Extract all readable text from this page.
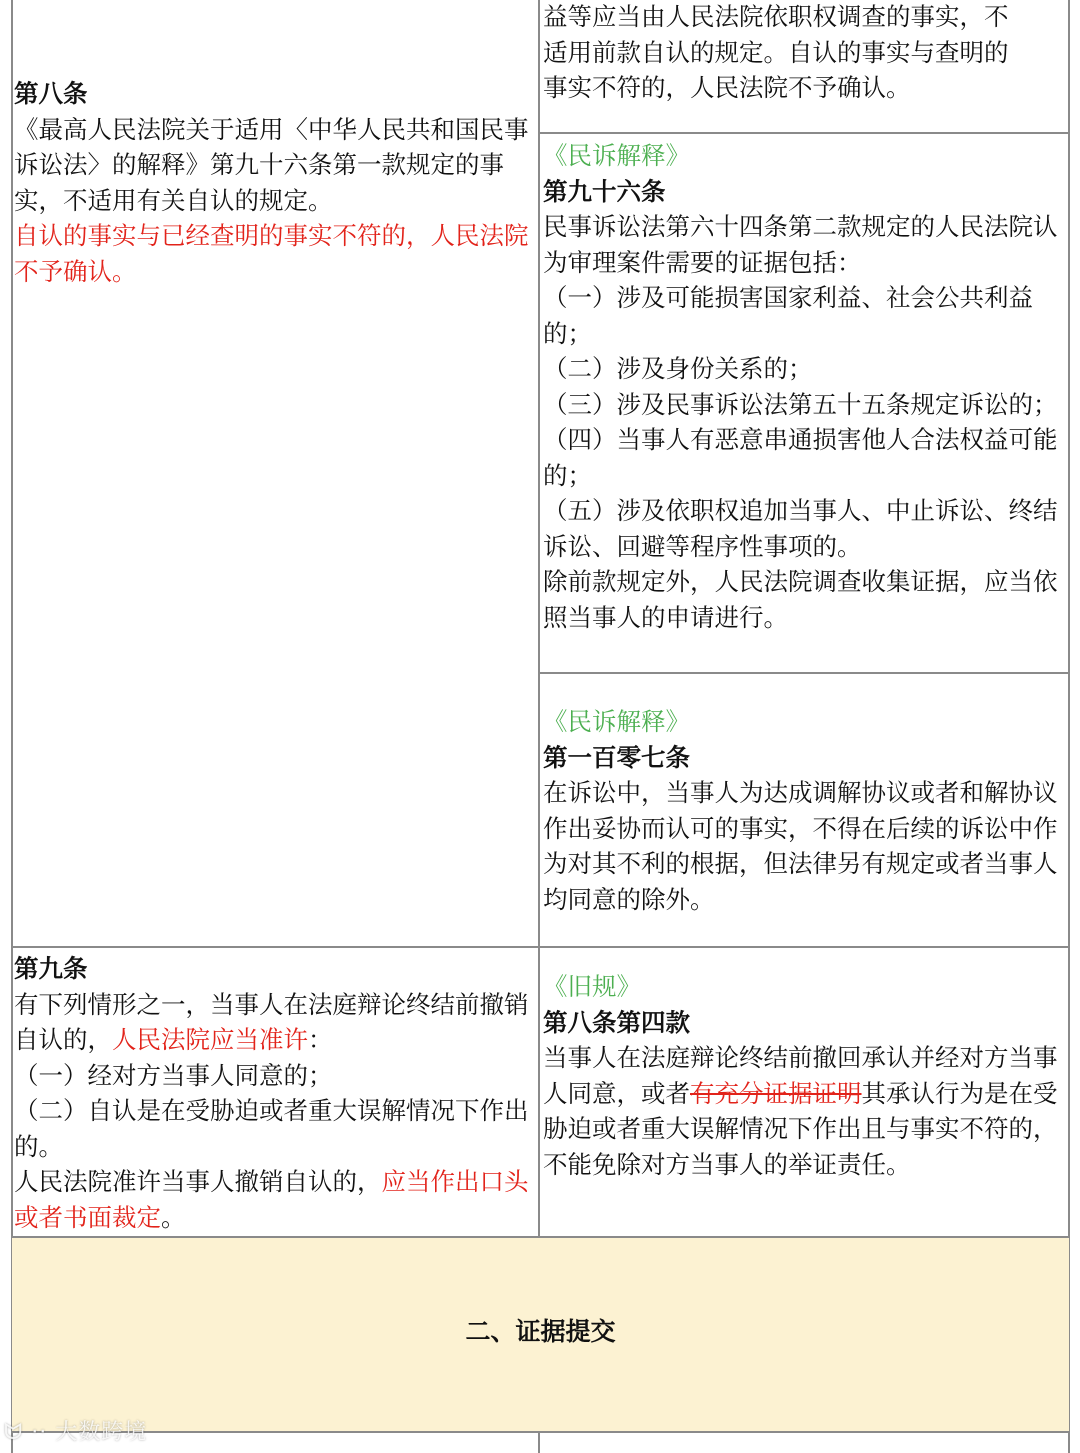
益等应当由人民法院依职权调查的事实，不

适用前款自认的规定。自认的事实与查明的

事实不符的，人民法院不予确认。

第八条

《最高人民法院关于适用〈中华人民共和国民事诉讼法〉的解释》第九十六条第一款规定的事实，不适用有关自认的规定。

自认的事实与已经查明的事实不符的，人民法院不予确认。

《民诉解释》

第九十六条

民事诉讼法第六十四条第二款规定的人民法院认为审理案件需要的证据包括：

（一）涉及可能损害国家利益、社会公共利益的；

（二）涉及身份关系的；

（三）涉及民事诉讼法第五十五条规定诉讼的；

（四）当事人有恶意串通损害他人合法权益可能的；

（五）涉及依职权追加当事人、中止诉讼、终结诉讼、回避等程序性事项的。

除前款规定外，人民法院调查收集证据，应当依照当事人的申请进行。

《民诉解释》

第一百零七条

在诉讼中，当事人为达成调解协议或者和解协议作出妥协而认可的事实，不得在后续的诉讼中作为对其不利的根据，但法律另有规定或者当事人均同意的除外。

第九条

有下列情形之一，当事人在法庭辩论终结前撤销自认的，人民法院应当准许：

（一）经对方当事人同意的；

（二）自认是在受胁迫或者重大误解情况下作出的。

人民法院准许当事人撤销自认的，应当作出口头或者书面裁定。

《旧规》

第八条第四款

当事人在法庭辩论终结前撤回承认并经对方当事人同意，或者有充分证据证明其承认行为是在受胁迫或者重大误解情况下作出且与事实不符的，不能免除对方当事人的举证责任。

二、证据提交
ᗢ ·· 大数跨境
